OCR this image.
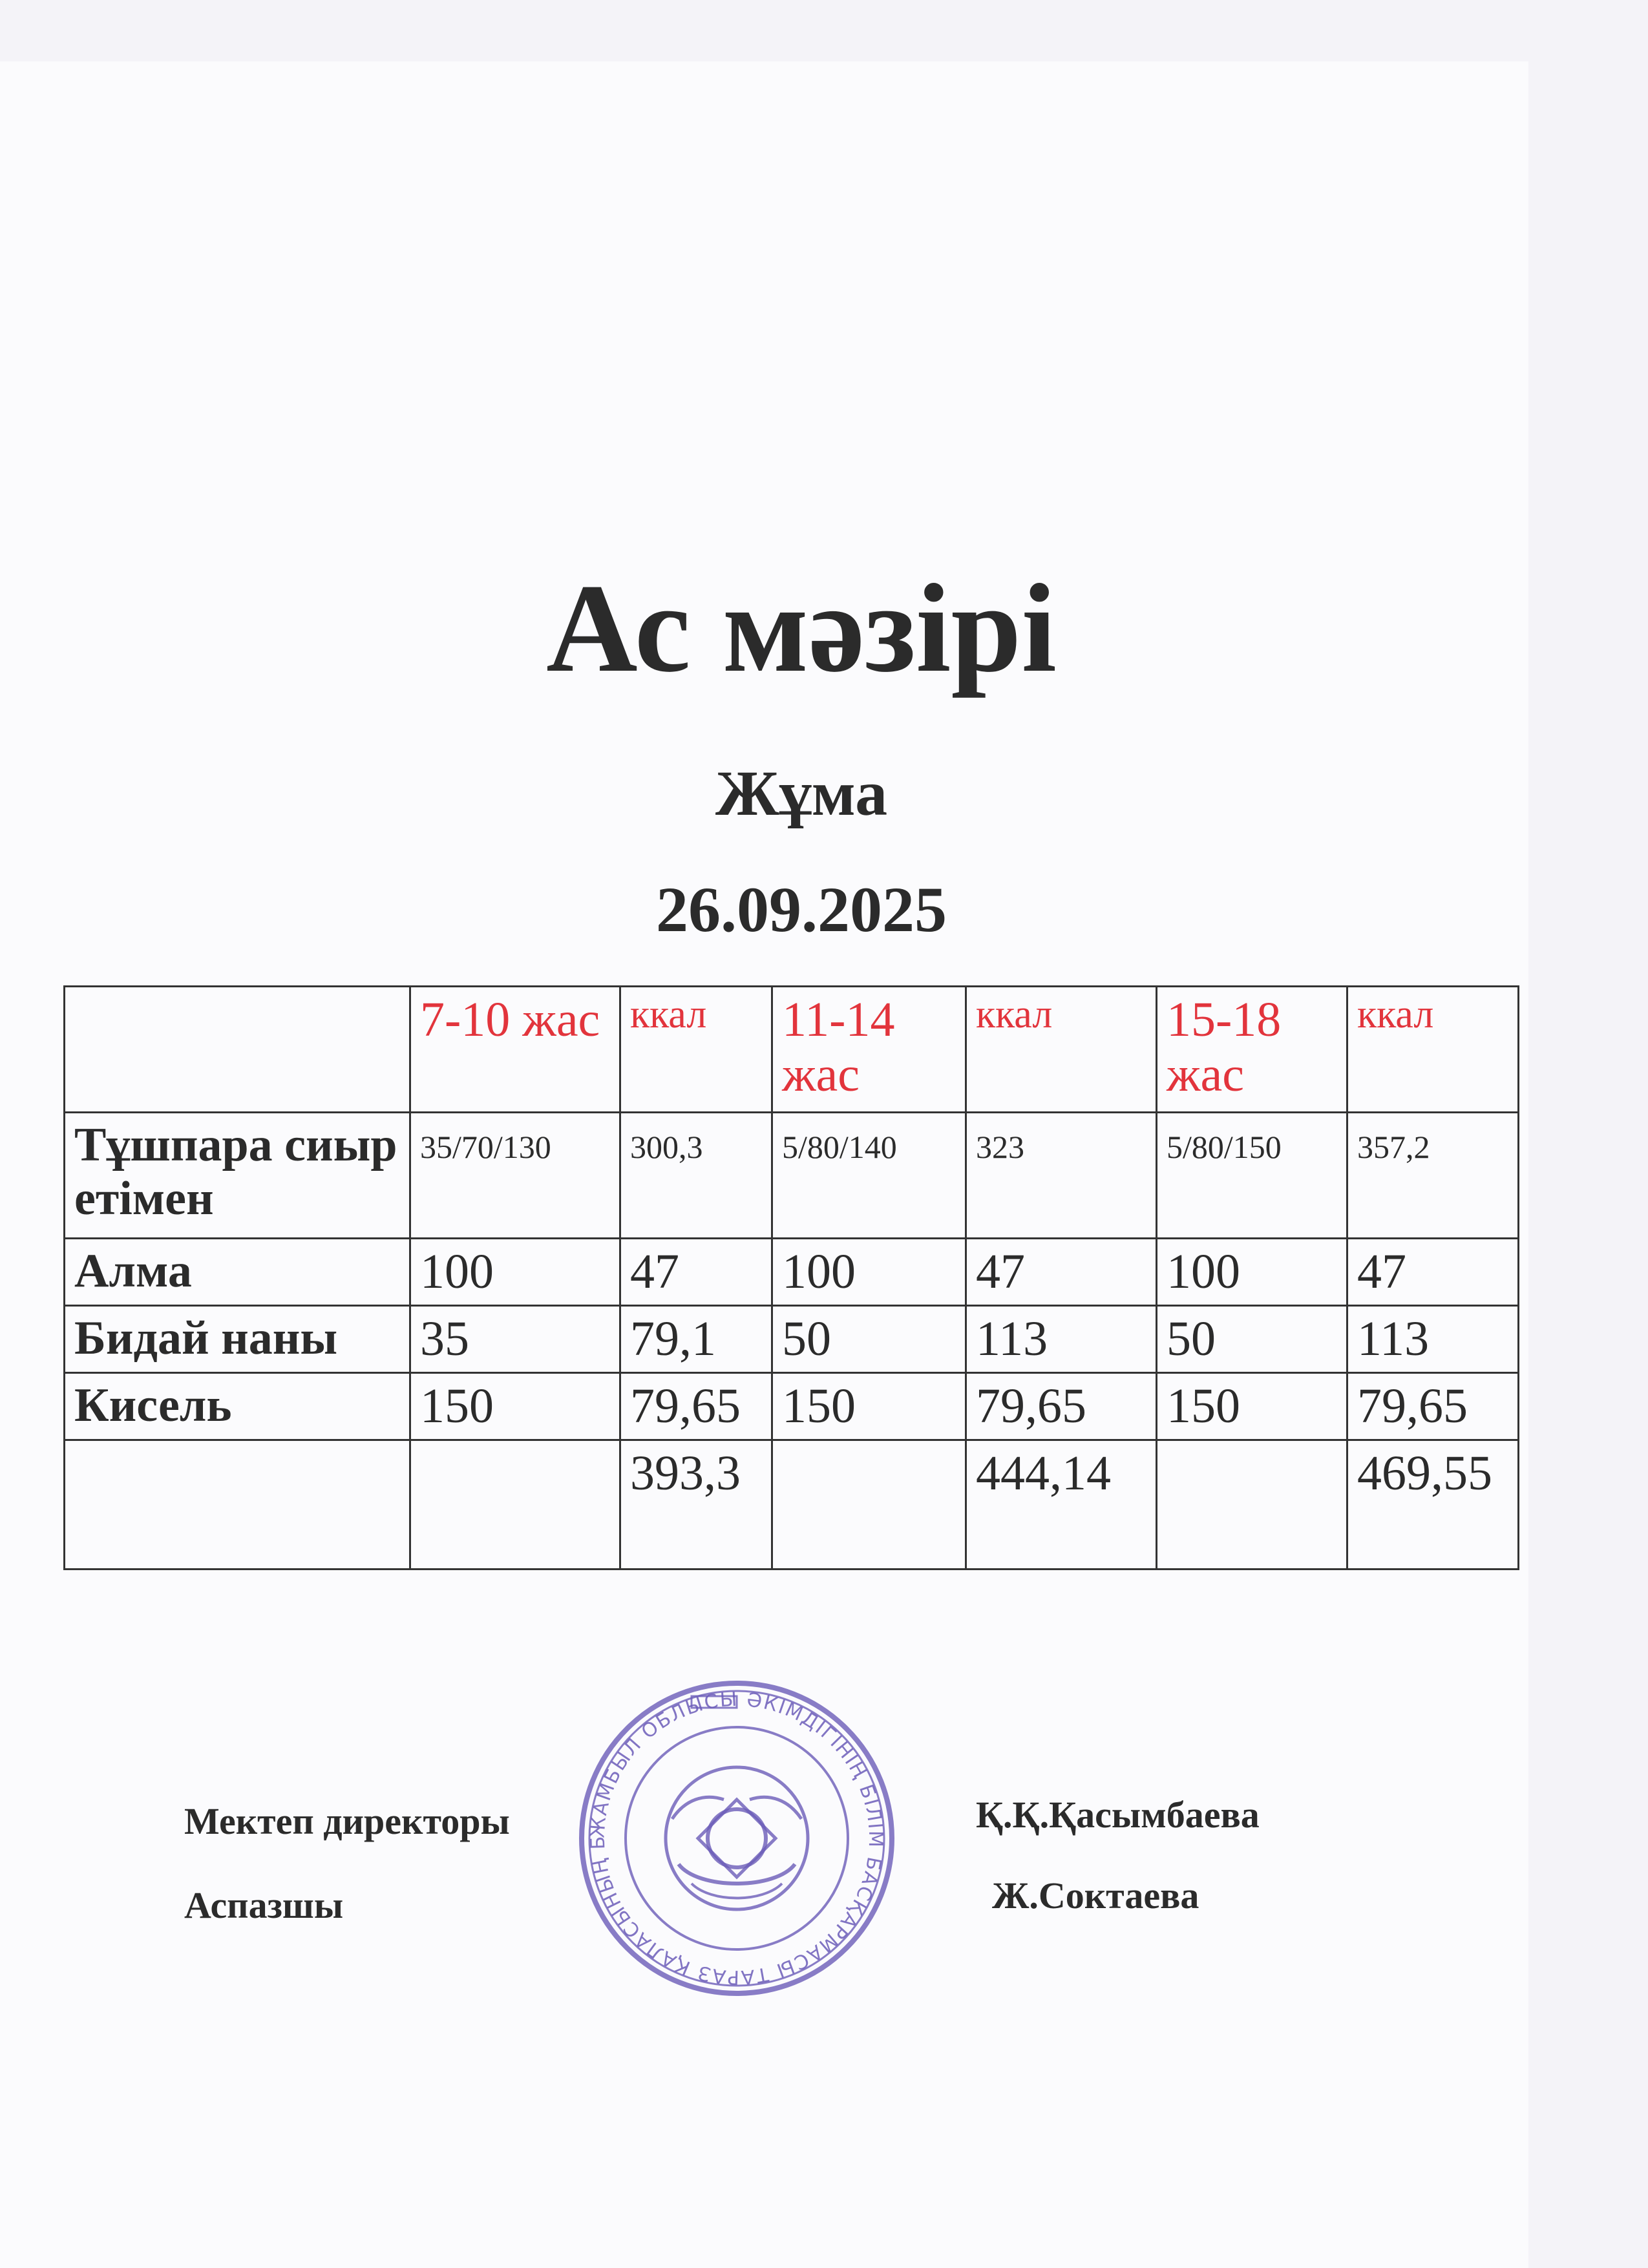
Ас мәзірі
Жұма
26.09.2025
	7-10 жас	ккал	11-14 жас	ккал	15-18 жас	ккал
Тұшпара сиыр етімен	35/70/130	300,3	5/80/140	323	5/80/150	357,2
Алма	100	47	100	47	100	47
Бидай наны	35	79,1	50	113	50	113
Кисель	150	79,65	150	79,65	150	79,65
		393,3		444,14		469,55
ЖАМБЫЛ ОБЛЫСЫ ӘКІМДІГІНІҢ БІЛІМ БАСҚАРМАСЫ ТАРАЗ ҚАЛАСЫНЫҢ Б
Мектеп директоры	Қ.Қ.Қасымбаева
Аспазшы	Ж.Соктаева
